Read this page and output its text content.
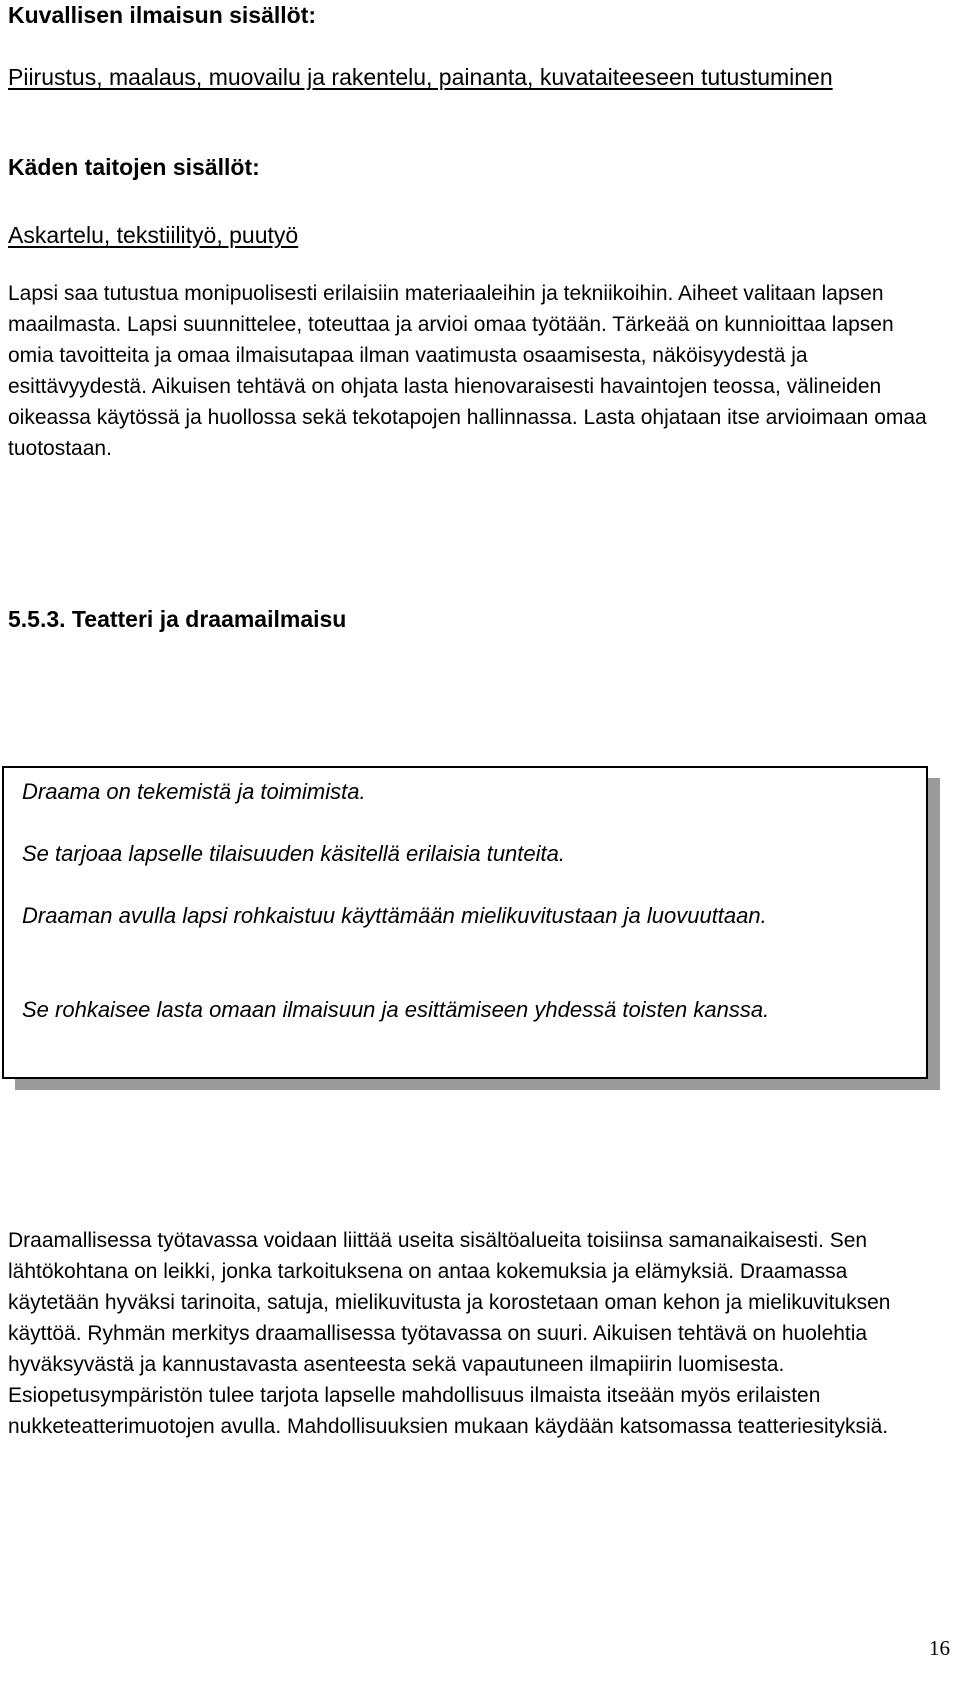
Kuvallisen ilmaisun sisällöt:

Piirustus, maalaus, muovailu ja rakentelu, painanta, kuvataiteeseen tutustuminen

Käden taitojen sisällöt:

Askartelu, tekstiilityö, puutyö

Lapsi saa tutustua monipuolisesti erilaisiin materiaaleihin ja tekniikoihin. Aiheet valitaan lapsen maailmasta. Lapsi suunnittelee, toteuttaa ja arvioi omaa työtään. Tärkeää on kunnioittaa lapsen omia tavoitteita ja omaa ilmaisutapaa ilman vaatimusta osaamisesta, näköisyydestä ja esittävyydestä. Aikuisen tehtävä on ohjata lasta hienovaraisesti havaintojen teossa, välineiden oikeassa käytössä ja huollossa sekä tekotapojen hallinnassa. Lasta ohjataan itse arvioimaan omaa tuotostaan.

5.5.3. Teatteri ja draamailmaisu

Draama on tekemistä ja toimimista.

Se tarjoaa lapselle tilaisuuden käsitellä erilaisia tunteita.

Draaman avulla lapsi rohkaistuu käyttämään mielikuvitustaan ja luovuuttaan.

Se rohkaisee lasta omaan ilmaisuun ja esittämiseen yhdessä toisten kanssa.

Draamallisessa työtavassa voidaan liittää useita sisältöalueita toisiinsa samanaikaisesti. Sen lähtökohtana on leikki, jonka tarkoituksena on antaa kokemuksia ja elämyksiä. Draamassa käytetään hyväksi tarinoita, satuja, mielikuvitusta ja korostetaan oman kehon ja mielikuvituksen käyttöä. Ryhmän merkitys draamallisessa työtavassa on suuri. Aikuisen tehtävä on huolehtia hyväksyvästä ja kannustavasta asenteesta sekä vapautuneen ilmapiirin luomisesta. Esiopetusympäristön tulee tarjota lapselle mahdollisuus ilmaista itseään myös erilaisten nukketeatterimuotojen avulla. Mahdollisuuksien mukaan käydään katsomassa teatteriesityksiä.

16
